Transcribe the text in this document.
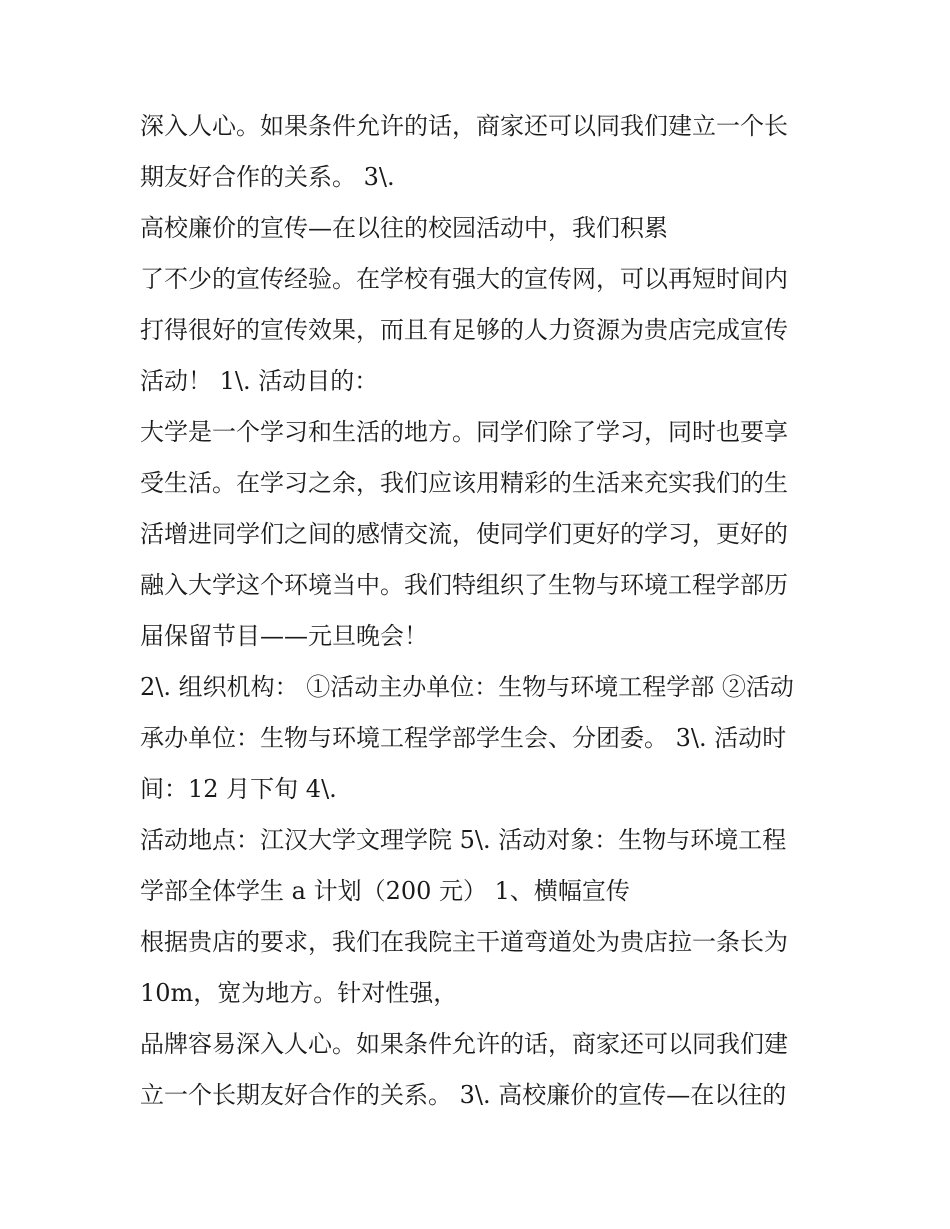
深入人心。如果条件允许的话，商家还可以同我们建立一个长
期友好合作的关系。 3\.
高校廉价的宣传—在以往的校园活动中，我们积累
了不少的宣传经验。在学校有强大的宣传网，可以再短时间内
打得很好的宣传效果，而且有足够的人力资源为贵店完成宣传
活动！ 1\. 活动目的：
大学是一个学习和生活的地方。同学们除了学习，同时也要享
受生活。在学习之余，我们应该用精彩的生活来充实我们的生
活增进同学们之间的感情交流，使同学们更好的学习，更好的
融入大学这个环境当中。我们特组织了生物与环境工程学部历
届保留节目——元旦晚会！
2\. 组织机构： ①活动主办单位：生物与环境工程学部 ②活动
承办单位：生物与环境工程学部学生会、分团委。 3\. 活动时
间：12 月下旬 4\.
活动地点：江汉大学文理学院 5\. 活动对象：生物与环境工程
学部全体学生 a 计划（200 元） 1、横幅宣传
根据贵店的要求，我们在我院主干道弯道处为贵店拉一条长为
10m，宽为地方。针对性强，
品牌容易深入人心。如果条件允许的话，商家还可以同我们建
立一个长期友好合作的关系。 3\. 高校廉价的宣传—在以往的
